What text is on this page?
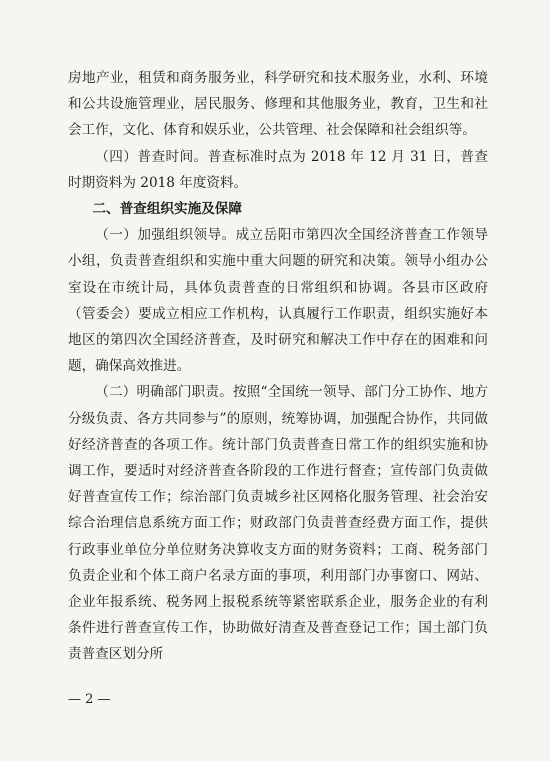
房地产业，租赁和商务服务业，科学研究和技术服务业，水利、环境和公共设施管理业，居民服务、修理和其他服务业，教育，卫生和社会工作，文化、体育和娱乐业，公共管理、社会保障和社会组织等。

（四）普查时间。普查标准时点为 2018 年 12 月 31 日，普查时期资料为 2018 年度资料。

二、普查组织实施及保障

（一）加强组织领导。成立岳阳市第四次全国经济普查工作领导小组，负责普查组织和实施中重大问题的研究和决策。领导小组办公室设在市统计局，具体负责普查的日常组织和协调。各县市区政府（管委会）要成立相应工作机构，认真履行工作职责，组织实施好本地区的第四次全国经济普查，及时研究和解决工作中存在的困难和问题，确保高效推进。

（二）明确部门职责。按照“全国统一领导、部门分工协作、地方分级负责、各方共同参与”的原则，统筹协调，加强配合协作，共同做好经济普查的各项工作。统计部门负责普查日常工作的组织实施和协调工作，要适时对经济普查各阶段的工作进行督查；宣传部门负责做好普查宣传工作；综治部门负责城乡社区网格化服务管理、社会治安综合治理信息系统方面工作；财政部门负责普查经费方面工作，提供行政事业单位分单位财务决算收支方面的财务资料；工商、税务部门负责企业和个体工商户名录方面的事项，利用部门办事窗口、网站、企业年报系统、税务网上报税系统等紧密联系企业，服务企业的有利条件进行普查宣传工作，协助做好清查及普查登记工作；国土部门负责普查区划分所

— 2 —
